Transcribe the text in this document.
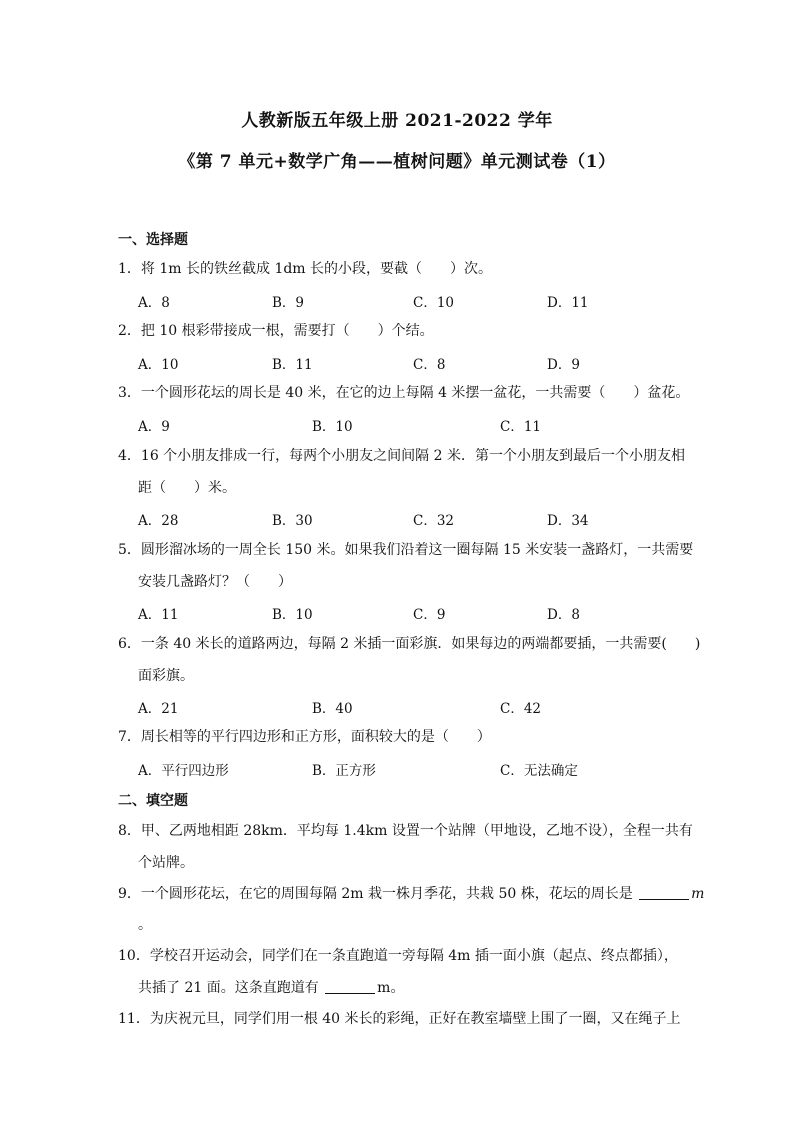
人教新版五年级上册 2021-2022 学年
《第 7 单元+数学广角——植树问题》单元测试卷（1）
一、选择题
1．将 1m 长的铁丝截成 1dm 长的小段，要截（　　）次。
A．8	B．9	C．10	D．11
2．把 10 根彩带接成一根，需要打（　　）个结。
A．10	B．11	C．8	D．9
3．一个圆形花坛的周长是 40 米，在它的边上每隔 4 米摆一盆花，一共需要（　　）盆花。
A．9	B．10	C．11
4．16 个小朋友排成一行，每两个小朋友之间间隔 2 米．第一个小朋友到最后一个小朋友相
距（　　）米。
A．28	B．30	C．32	D．34
5．圆形溜冰场的一周全长 150 米。如果我们沿着这一圈每隔 15 米安装一盏路灯，一共需要
安装几盏路灯？（　　）
A．11	B．10	C．9	D．8
6．一条 40 米长的道路两边，每隔 2 米插一面彩旗．如果每边的两端都要插，一共需要(　　)
面彩旗。
A．21	B．40	C．42
7．周长相等的平行四边形和正方形，面积较大的是（　　）
A．平行四边形	B．正方形	C．无法确定
二、填空题
8．甲、乙两地相距 28km．平均每 1.4km 设置一个站牌（甲地设，乙地不设），全程一共有
个站牌。
9．一个圆形花坛，在它的周围每隔 2m 栽一株月季花，共栽 50 株，花坛的周长是	m
。
10．学校召开运动会，同学们在一条直跑道一旁每隔 4m 插一面小旗（起点、终点都插），
共插了 21 面。这条直跑道有	m。
11．为庆祝元旦，同学们用一根 40 米长的彩绳，正好在教室墙壁上围了一圈，又在绳子上
